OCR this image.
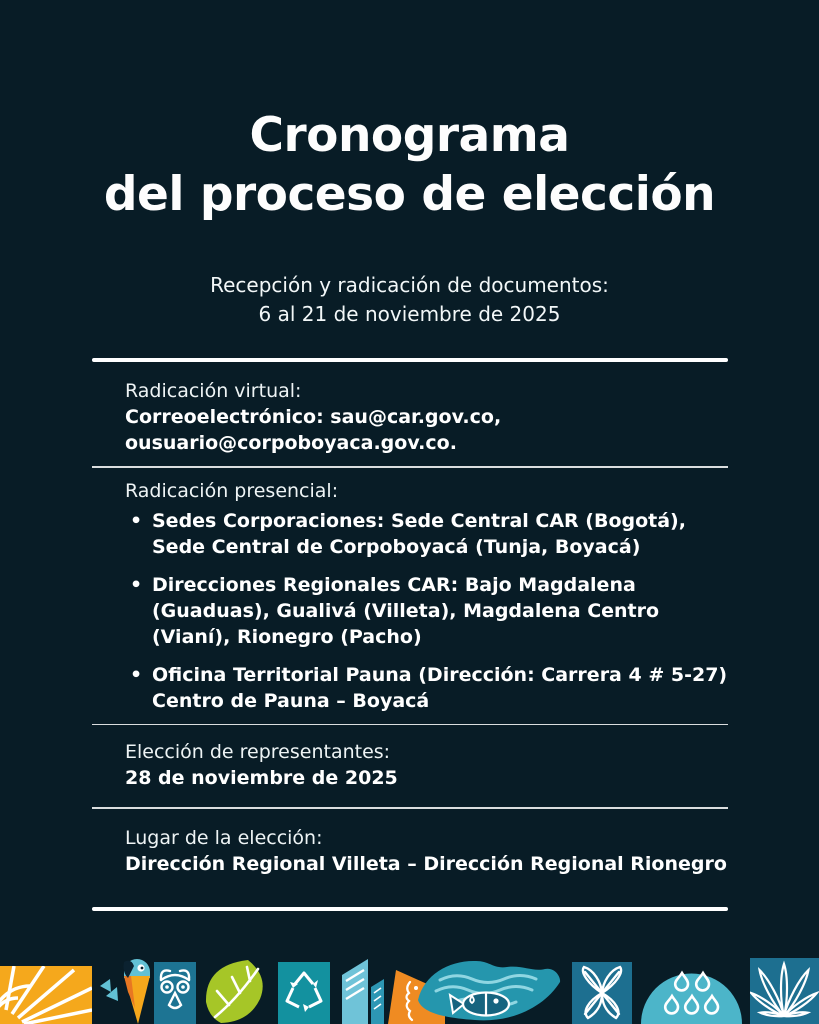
Cronograma
del proceso de elección
Recepción y radicación de documentos:
6 al 21 de noviembre de 2025
Radicación virtual:
Correoelectrónico: sau@car.gov.co,
ousuario@corpoboyaca.gov.co.
Radicación presencial:
• Sedes Corporaciones: Sede Central CAR (Bogotá), Sede Central de Corpoboyacá (Tunja, Boyacá)
• Direcciones Regionales CAR: Bajo Magdalena (Guaduas), Gualivá (Villeta), Magdalena Centro (Vianí), Rionegro (Pacho)
• Oficina Territorial Pauna (Dirección: Carrera 4 # 5-27) Centro de Pauna – Boyacá
Elección de representantes:
28 de noviembre de 2025
Lugar de la elección:
Dirección Regional Villeta – Dirección Regional Rionegro
